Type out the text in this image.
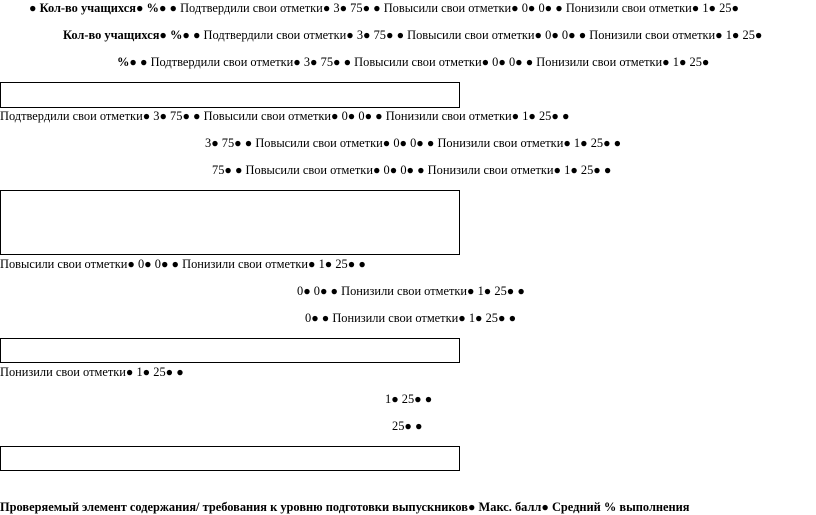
● Кол-во учащихся● %● ● Подтвердили свои отметки● 3● 75● ● Повысили свои отметки● 0● 0● ● Понизили свои отметки● 1● 25●
Кол-во учащихся● %● ● Подтвердили свои отметки● 3● 75● ● Повысили свои отметки● 0● 0● ● Понизили свои отметки● 1● 25●
%● ● Подтвердили свои отметки● 3● 75● ● Повысили свои отметки● 0● 0● ● Понизили свои отметки● 1● 25●
Подтвердили свои отметки● 3● 75● ● Повысили свои отметки● 0● 0● ● Понизили свои отметки● 1● 25● ●
3● 75● ● Повысили свои отметки● 0● 0● ● Понизили свои отметки● 1● 25● ●
75● ● Повысили свои отметки● 0● 0● ● Понизили свои отметки● 1● 25● ●
Повысили свои отметки● 0● 0● ● Понизили свои отметки● 1● 25● ●
0● 0● ● Понизили свои отметки● 1● 25● ●
0● ● Понизили свои отметки● 1● 25● ●
Понизили свои отметки● 1● 25● ●
1● 25● ●
25● ●
Проверяемый элемент содержания/ требования к уровню подготовки выпускников● Макс. балл● Средний % выполнения
